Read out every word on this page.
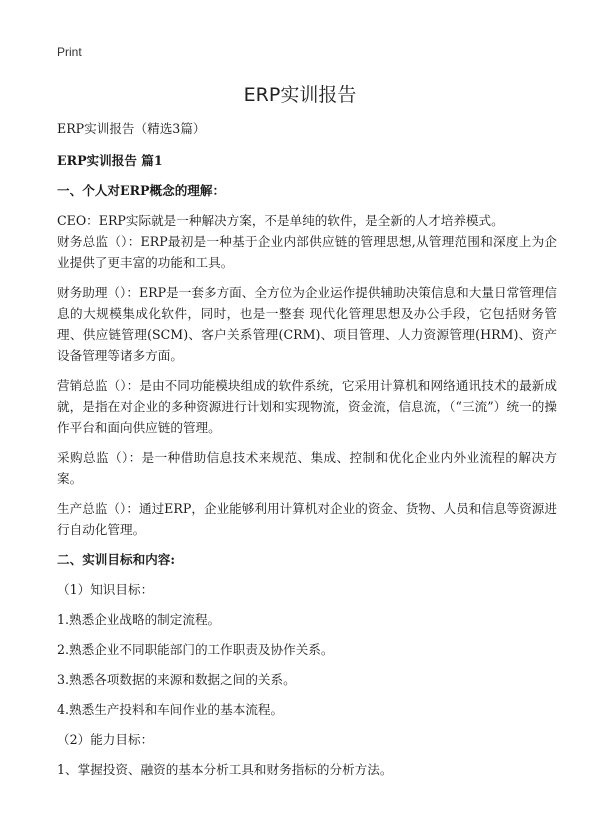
Print
ERP实训报告

ERP实训报告（精选3篇）

ERP实训报告 篇1

一、个人对ERP概念的理解：

CEO：ERP实际就是一种解决方案，不是单纯的软件，是全新的人才培养模式。

财务总监（）：ERP最初是一种基于企业内部供应链的管理思想,从管理范围和深度上为企业提供了更丰富的功能和工具。

财务助理（）：ERP是一套多方面、全方位为企业运作提供辅助决策信息和大量日常管理信息的大规模集成化软件，同时，也是一整套 现代化管理思想及办公手段，它包括财务管理、供应链管理(SCM)、客户关系管理(CRM)、项目管理、人力资源管理(HRM)、资产设备管理等诸多方面。

营销总监（）：是由不同功能模块组成的软件系统，它采用计算机和网络通讯技术的最新成就，是指在对企业的多种资源进行计划和实现物流，资金流，信息流，（“三流”）统一的操作平台和面向供应链的管理。

采购总监（）：是一种借助信息技术来规范、集成、控制和优化企业内外业流程的解决方案。

生产总监（）：通过ERP，企业能够利用计算机对企业的资金、货物、人员和信息等资源进行自动化管理。

二、实训目标和内容:

（1）知识目标：

1.熟悉企业战略的制定流程。

2.熟悉企业不同职能部门的工作职责及协作关系。

3.熟悉各项数据的来源和数据之间的关系。

4.熟悉生产投料和车间作业的基本流程。

（2）能力目标：

1、掌握投资、融资的基本分析工具和财务指标的分析方法。
